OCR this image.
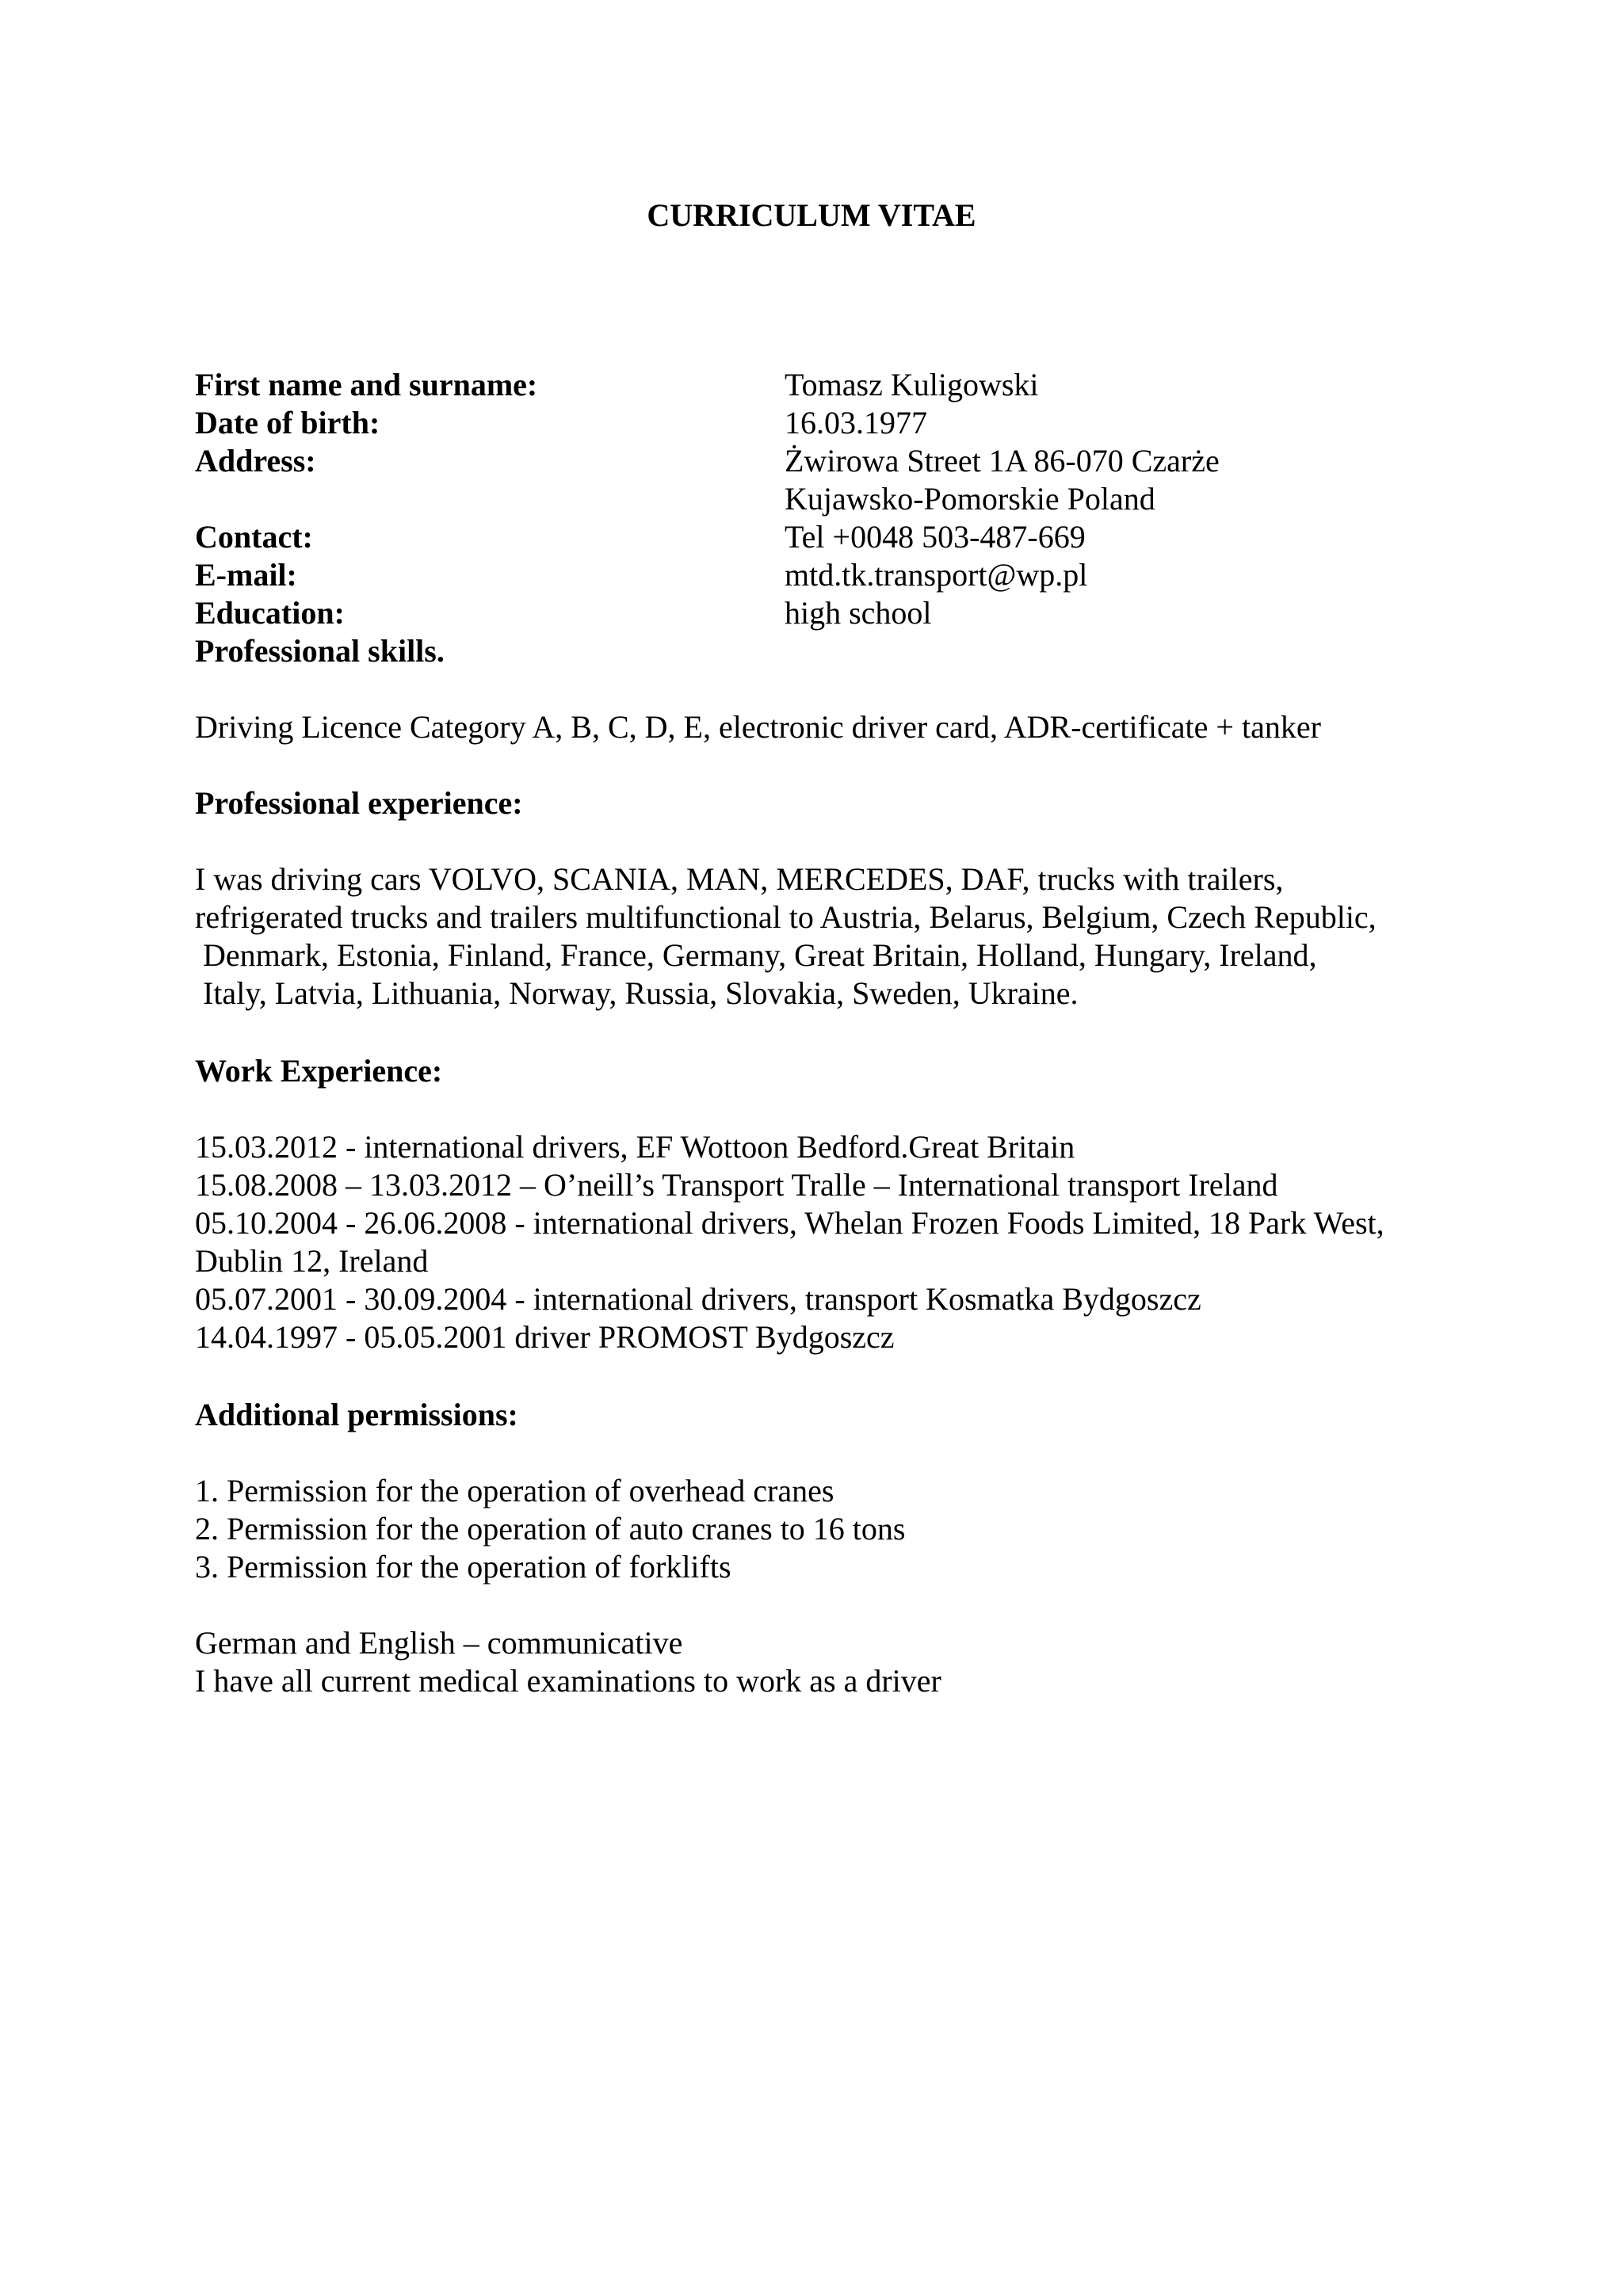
CURRICULUM VITAE
First name and surname:	Tomasz Kuligowski
Date of birth:	16.03.1977
Address:	Żwirowa Street 1A 86-070 Czarże
Kujawsko-Pomorskie Poland
Contact:	Tel +0048 503-487-669
E-mail:	mtd.tk.transport@wp.pl
Education:	high school
Professional skills.
Driving Licence Category A, B, C, D, E, electronic driver card, ADR-certificate + tanker
Professional experience:
I was driving cars VOLVO, SCANIA, MAN, MERCEDES, DAF, trucks with trailers,
refrigerated trucks and trailers multifunctional to Austria, Belarus, Belgium, Czech Republic,
Denmark, Estonia, Finland, France, Germany, Great Britain, Holland, Hungary, Ireland,
Italy, Latvia, Lithuania, Norway, Russia, Slovakia, Sweden, Ukraine.
Work Experience:
15.03.2012 - international drivers, EF Wottoon Bedford.Great Britain
15.08.2008 – 13.03.2012 – O’neill’s Transport Tralle – International transport Ireland
05.10.2004 - 26.06.2008 - international drivers, Whelan Frozen Foods Limited, 18 Park West,
Dublin 12, Ireland
05.07.2001 - 30.09.2004 - international drivers, transport Kosmatka Bydgoszcz
14.04.1997 - 05.05.2001 driver PROMOST Bydgoszcz
Additional permissions:
1. Permission for the operation of overhead cranes
2. Permission for the operation of auto cranes to 16 tons
3. Permission for the operation of forklifts
German and English – communicative
I have all current medical examinations to work as a driver
